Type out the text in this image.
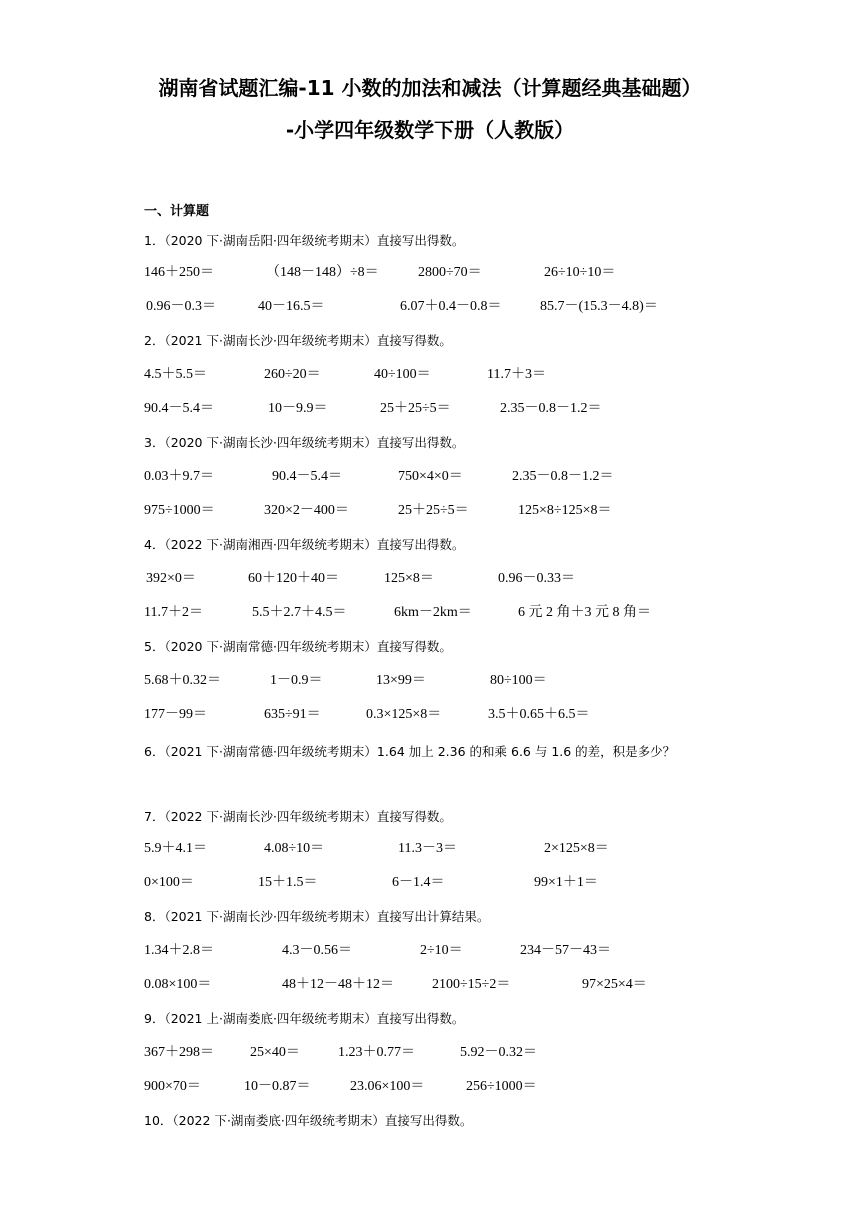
湖南省试题汇编-11 小数的加法和减法（计算题经典基础题）
-小学四年级数学下册（人教版）
一、计算题
1．（2020 下·湖南岳阳·四年级统考期末）直接写出得数。
146＋250＝	（148－148）÷8＝	2800÷70＝	26÷10÷10＝
0.96－0.3＝	40－16.5＝	6.07＋0.4－0.8＝	85.7－(15.3－4.8)＝
2．（2021 下·湖南长沙·四年级统考期末）直接写得数。
4.5＋5.5＝	260÷20＝	40÷100＝	11.7＋3＝
90.4－5.4＝	10－9.9＝	25＋25÷5＝	2.35－0.8－1.2＝
3．（2020 下·湖南长沙·四年级统考期末）直接写出得数。
0.03＋9.7＝	90.4－5.4＝	750×4×0＝	2.35－0.8－1.2＝
975÷1000＝	320×2－400＝	25＋25÷5＝	125×8÷125×8＝
4．（2022 下·湖南湘西·四年级统考期末）直接写出得数。
392×0＝	60＋120＋40＝	125×8＝	0.96－0.33＝
11.7＋2＝	5.5＋2.7＋4.5＝	6km－2km＝	6 元 2 角＋3 元 8 角＝
5．（2020 下·湖南常德·四年级统考期末）直接写得数。
5.68＋0.32＝	1－0.9＝	13×99＝	80÷100＝
177－99＝	635÷91＝	0.3×125×8＝	3.5＋0.65＋6.5＝
6．（2021 下·湖南常德·四年级统考期末）1.64 加上 2.36 的和乘 6.6 与 1.6 的差，积是多少？
7．（2022 下·湖南长沙·四年级统考期末）直接写得数。
5.9＋4.1＝	4.08÷10＝	11.3－3＝	2×125×8＝
0×100＝	15＋1.5＝	6－1.4＝	99×1＋1＝
8．（2021 下·湖南长沙·四年级统考期末）直接写出计算结果。
1.34＋2.8＝	4.3－0.56＝	2÷10＝	234－57－43＝
0.08×100＝	48＋12－48＋12＝	2100÷15÷2＝	97×25×4＝
9．（2021 上·湖南娄底·四年级统考期末）直接写出得数。
367＋298＝	25×40＝	1.23＋0.77＝	5.92－0.32＝
900×70＝	10－0.87＝	23.06×100＝	256÷1000＝
10．（2022 下·湖南娄底·四年级统考期末）直接写出得数。
